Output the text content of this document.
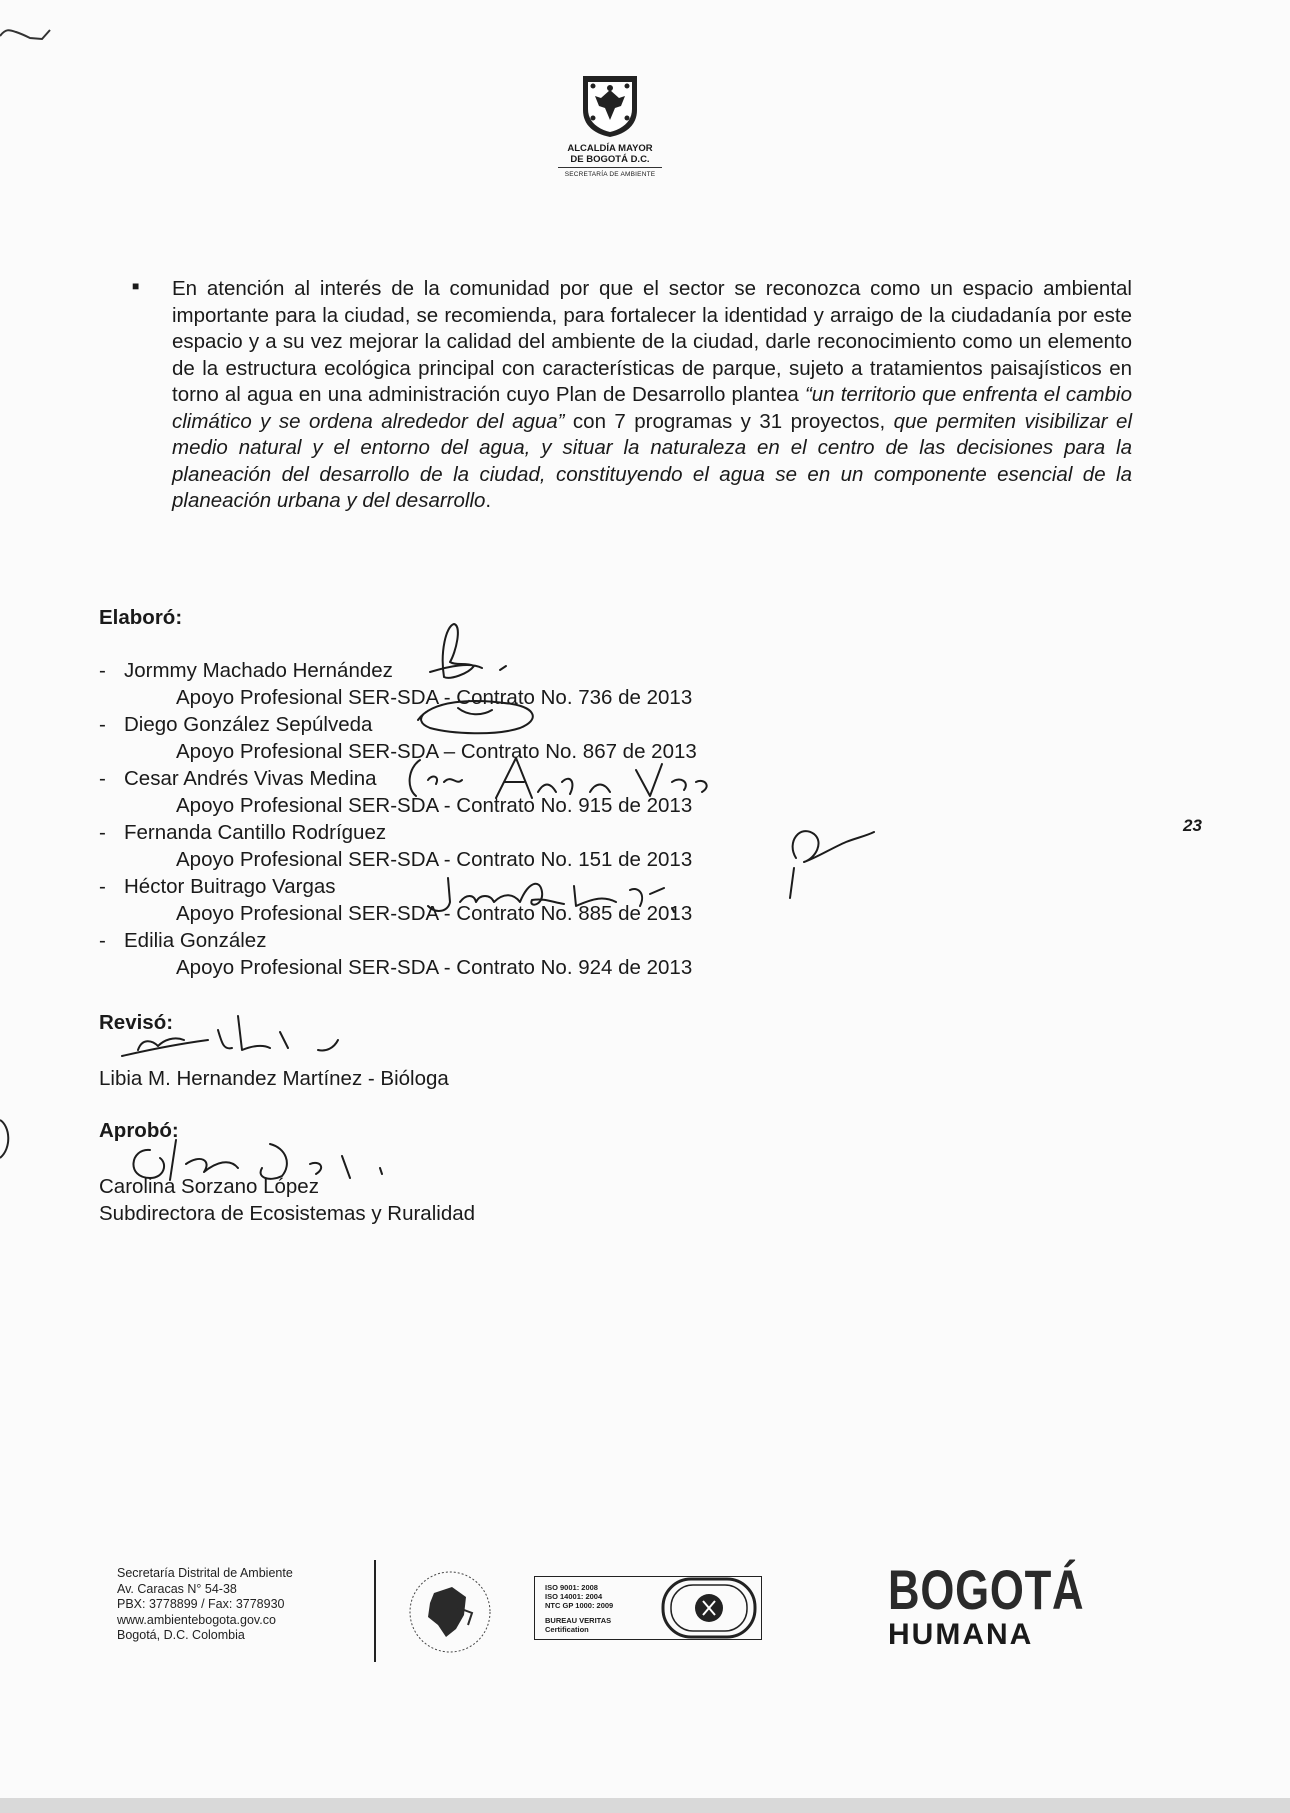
ALCALDÍA MAYOR
DE BOGOTÁ D.C.
SECRETARÍA DE AMBIENTE
■ En atención al interés de la comunidad por que el sector se reconozca como un espacio ambiental importante para la ciudad, se recomienda, para fortalecer la identidad y arraigo de la ciudadanía por este espacio y a su vez mejorar la calidad del ambiente de la ciudad, darle reconocimiento como un elemento de la estructura ecológica principal con características de parque, sujeto a tratamientos paisajísticos en torno al agua en una administración cuyo Plan de Desarrollo plantea “un territorio que enfrenta el cambio climático y se ordena alrededor del agua” con 7 programas y 31 proyectos, que permiten visibilizar el medio natural y el entorno del agua, y situar la naturaleza en el centro de las decisiones para la planeación del desarrollo de la ciudad, constituyendo el agua se en un componente esencial de la planeación urbana y del desarrollo.
Elaboró:
- Jormmy Machado Hernández
Apoyo Profesional SER-SDA - Contrato No. 736 de 2013
- Diego González Sepúlveda
Apoyo Profesional SER-SDA – Contrato No. 867 de 2013
- Cesar Andrés Vivas Medina
Apoyo Profesional SER-SDA - Contrato No. 915 de 2013
- Fernanda Cantillo Rodríguez
Apoyo Profesional SER-SDA - Contrato No. 151 de 2013
- Héctor Buitrago Vargas
Apoyo Profesional SER-SDA - Contrato No. 885 de 2013
- Edilia González
Apoyo Profesional SER-SDA - Contrato No. 924 de 2013
Revisó:
Libia M. Hernandez Martínez - Bióloga
Aprobó:
Carolina Sorzano López
Subdirectora de Ecosistemas y Ruralidad
23
Secretaría Distrital de Ambiente
Av. Caracas N° 54-38
PBX: 3778899 / Fax: 3778930
www.ambientebogota.gov.co
Bogotá, D.C. Colombia
ISO 9001: 2008
ISO 14001: 2004
NTC GP 1000: 2009
BUREAU VERITAS
Certification

BOGOTÁ
HUMANA
